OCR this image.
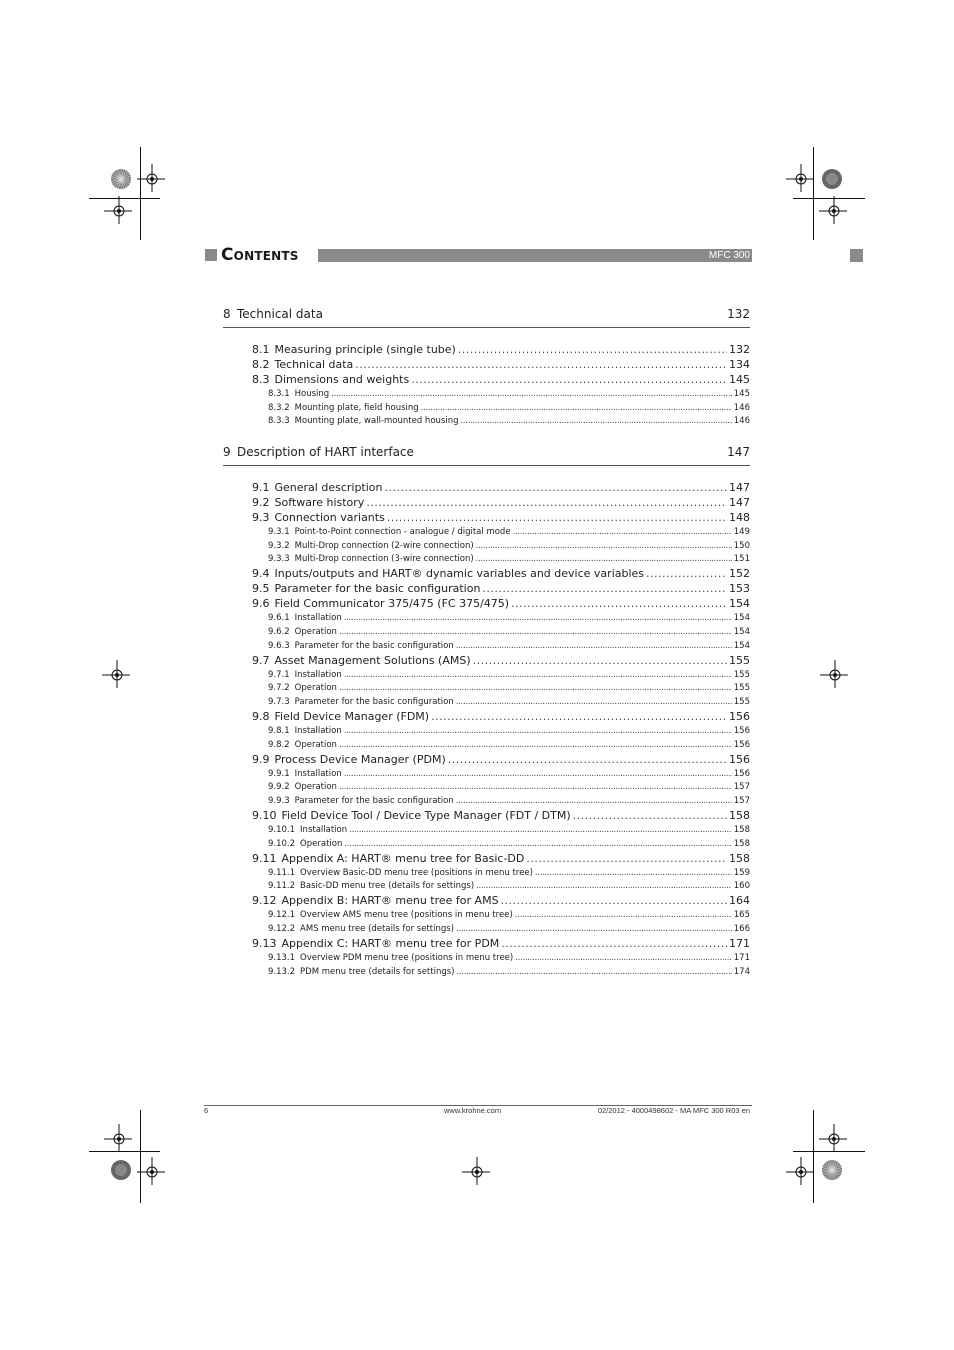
Contents	MFC 300
8 Technical data	132
8.1 Measuring principle (single tube) . . .	132
8.2 Technical data . . .	134
8.3 Dimensions and weights . . .	145
8.3.1 Housing . . .	145
8.3.2 Mounting plate, field housing . . .	146
8.3.3 Mounting plate, wall-mounted housing . . .	146
9 Description of HART interface	147
9.1 General description . . .	147
9.2 Software history . . .	147
9.3 Connection variants . . .	148
9.3.1 Point-to-Point connection - analogue / digital mode . . .	149
9.3.2 Multi-Drop connection (2-wire connection) . . .	150
9.3.3 Multi-Drop connection (3-wire connection) . . .	151
9.4 Inputs/outputs and HART® dynamic variables and device variables . . .	152
9.5 Parameter for the basic configuration . . .	153
9.6 Field Communicator 375/475 (FC 375/475) . . .	154
9.6.1 Installation . . .	154
9.6.2 Operation . . .	154
9.6.3 Parameter for the basic configuration . . .	154
9.7 Asset Management Solutions (AMS) . . .	155
9.7.1 Installation . . .	155
9.7.2 Operation . . .	155
9.7.3 Parameter for the basic configuration . . .	155
9.8 Field Device Manager (FDM) . . .	156
9.8.1 Installation . . .	156
9.8.2 Operation . . .	156
9.9 Process Device Manager (PDM) . . .	156
9.9.1 Installation . . .	156
9.9.2 Operation . . .	157
9.9.3 Parameter for the basic configuration . . .	157
9.10 Field Device Tool / Device Type Manager (FDT / DTM) . . .	158
9.10.1 Installation . . .	158
9.10.2 Operation . . .	158
9.11 Appendix A: HART® menu tree for Basic-DD . . .	158
9.11.1 Overview Basic-DD menu tree (positions in menu tree) . . .	159
9.11.2 Basic-DD menu tree (details for settings) . . .	160
9.12 Appendix B: HART® menu tree for AMS . . .	164
9.12.1 Overview AMS menu tree (positions in menu tree) . . .	165
9.12.2 AMS menu tree (details for settings) . . .	166
9.13 Appendix C: HART® menu tree for PDM . . .	171
9.13.1 Overview PDM menu tree (positions in menu tree) . . .	171
9.13.2 PDM menu tree (details for settings) . . .	174
6	www.krohne.com	02/2012 - 4000498602 - MA MFC 300 R03 en
